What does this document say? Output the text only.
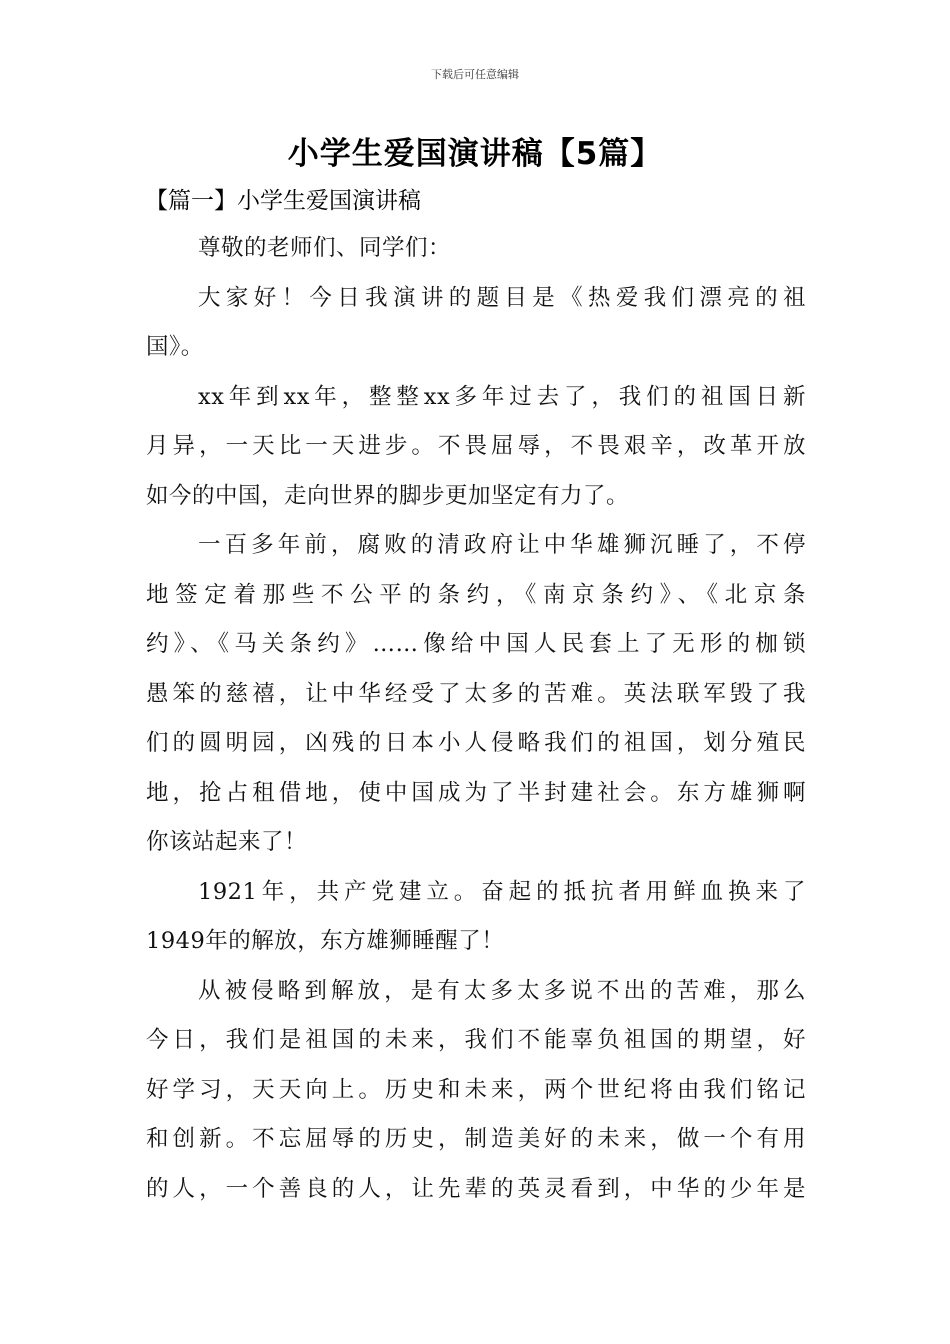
下载后可任意编辑
小学生爱国演讲稿【5篇】
【篇一】小学生爱国演讲稿
尊敬的老师们、同学们：
大家好！今日我演讲的题目是《热爱我们漂亮的祖
国》。
xx年到xx年，整整xx多年过去了，我们的祖国日新
月异，一天比一天进步。不畏屈辱，不畏艰辛，改革开放
如今的中国，走向世界的脚步更加坚定有力了。
一百多年前，腐败的清政府让中华雄狮沉睡了，不停
地签定着那些不公平的条约，《南京条约》、《北京条
约》、《马关条约》……像给中国人民套上了无形的枷锁
愚笨的慈禧，让中华经受了太多的苦难。英法联军毁了我
们的圆明园，凶残的日本小人侵略我们的祖国，划分殖民
地，抢占租借地，使中国成为了半封建社会。东方雄狮啊
你该站起来了！
1921年，共产党建立。奋起的抵抗者用鲜血换来了
1949年的解放，东方雄狮睡醒了！
从被侵略到解放，是有太多太多说不出的苦难，那么
今日，我们是祖国的未来，我们不能辜负祖国的期望，好
好学习，天天向上。历史和未来，两个世纪将由我们铭记
和创新。不忘屈辱的历史，制造美好的未来，做一个有用
的人，一个善良的人，让先辈的英灵看到，中华的少年是
